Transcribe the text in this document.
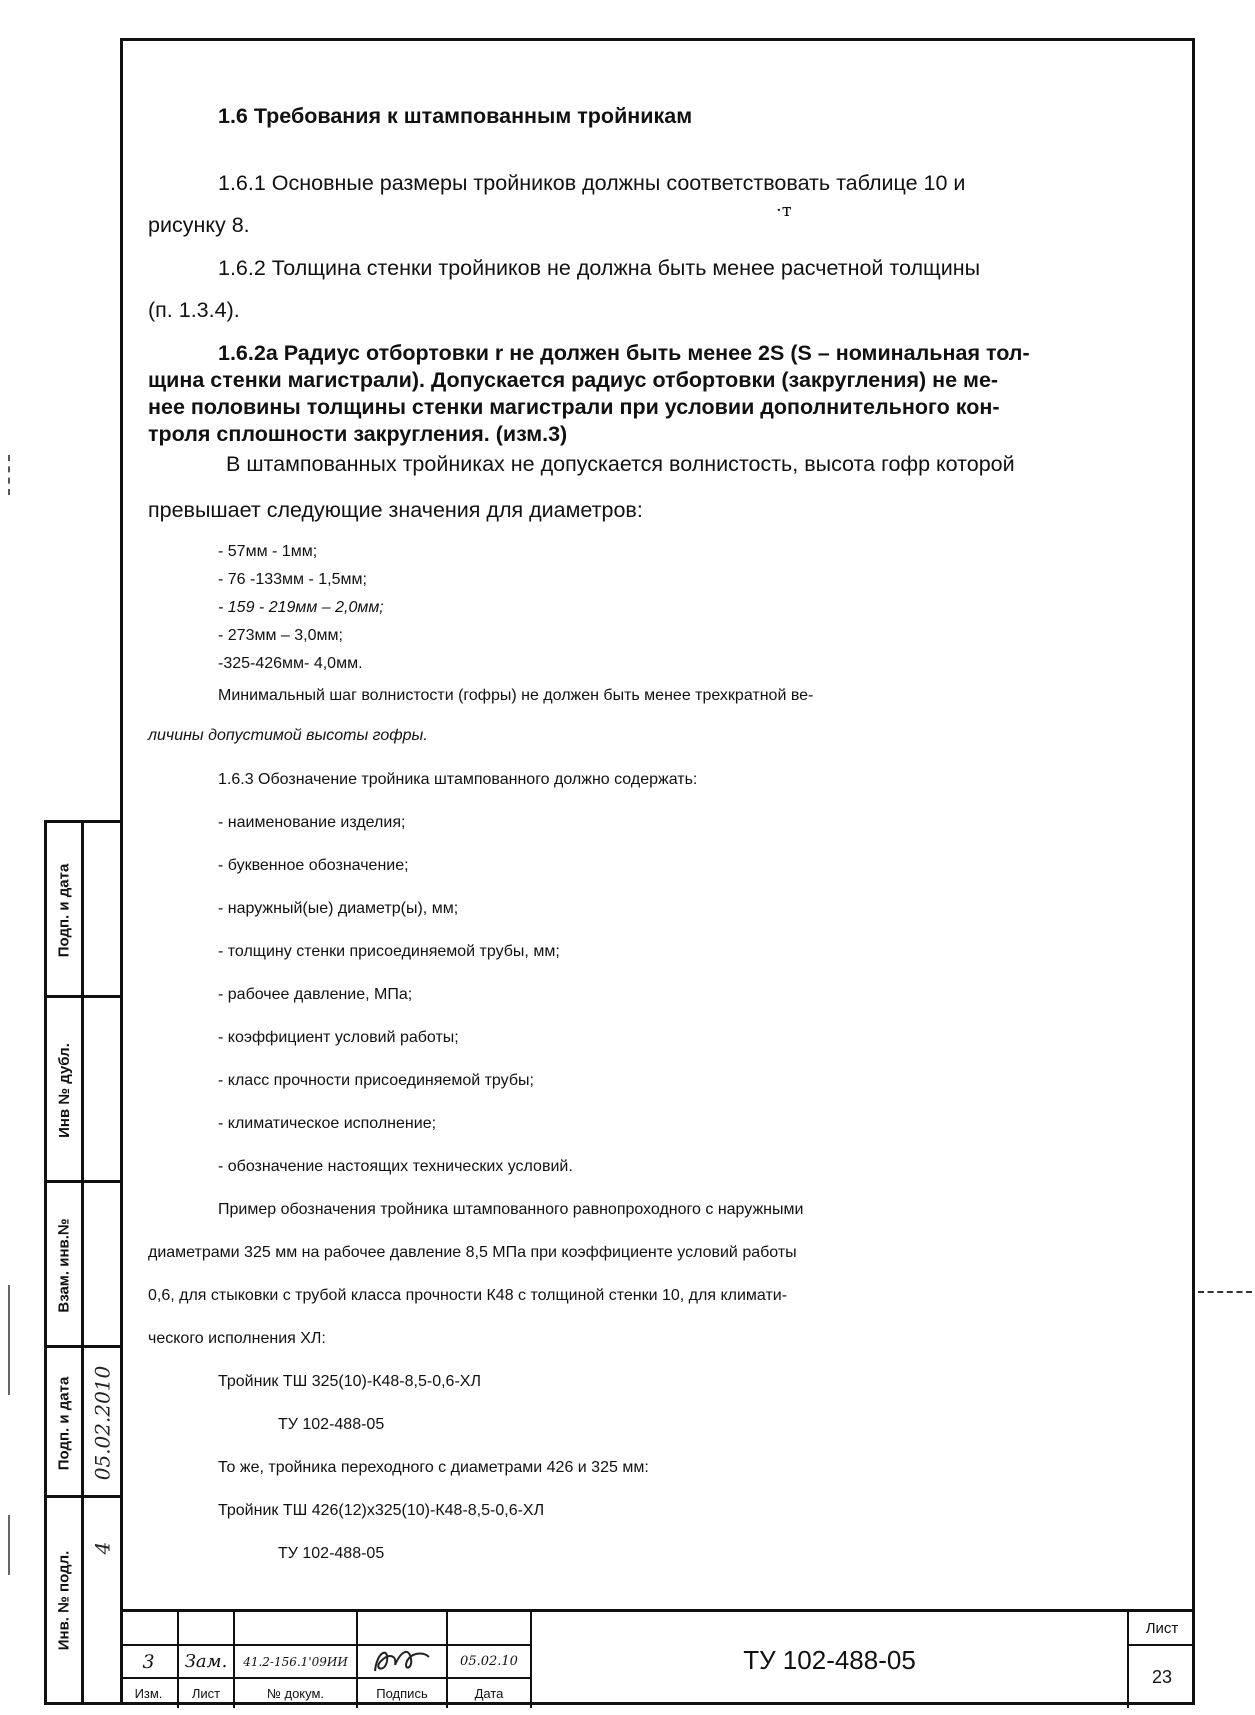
·т
1.6 Требования к штампованным тройникам
1.6.1 Основные размеры тройников должны соответствовать таблице 10 и
рисунку 8.
1.6.2 Толщина стенки тройников не должна быть менее расчетной толщины
(п. 1.3.4).
1.6.2а Радиус отбортовки r не должен быть менее 2S (S – номинальная тол-
щина стенки магистрали). Допускается радиус отбортовки (закругления) не ме-
нее половины толщины стенки магистрали при условии дополнительного кон-
троля сплошности закругления. (изм.3)
В штампованных тройниках не допускается волнистость, высота гофр которой
превышает следующие значения для диаметров:
- 57мм - 1мм;
- 76 -133мм - 1,5мм;
- 159 - 219мм – 2,0мм;
- 273мм – 3,0мм;
-325-426мм- 4,0мм.
Минимальный шаг волнистости (гофры) не должен быть менее трехкратной ве-
личины допустимой высоты гофры.
1.6.3 Обозначение тройника штампованного должно содержать:
- наименование изделия;
- буквенное обозначение;
- наружный(ые) диаметр(ы), мм;
- толщину стенки присоединяемой трубы, мм;
- рабочее давление, МПа;
- коэффициент условий работы;
- класс прочности присоединяемой трубы;
- климатическое исполнение;
- обозначение настоящих технических условий.
Пример обозначения тройника штампованного равнопроходного с наружными
диаметрами 325 мм на рабочее давление 8,5 МПа при коэффициенте условий работы
0,6, для стыковки с трубой класса прочности К48 с толщиной стенки 10, для климати-
ческого исполнения ХЛ:
Тройник ТШ 325(10)-К48-8,5-0,6-ХЛ
ТУ 102-488-05
То же, тройника переходного с диаметрами 426 и 325 мм:
Тройник ТШ 426(12)х325(10)-К48-8,5-0,6-ХЛ
ТУ 102-488-05
Подп. и дата
Инв № дубл.
Взам. инв.№
Подп. и дата 05.02.2010
Инв. № подл.
4
3	Зам.	41.2-156.1'09ИИ	05.02.10
Изм.	Лист	№ докум.	Подпись	Дата
ТУ 102-488-05
Лист
23
